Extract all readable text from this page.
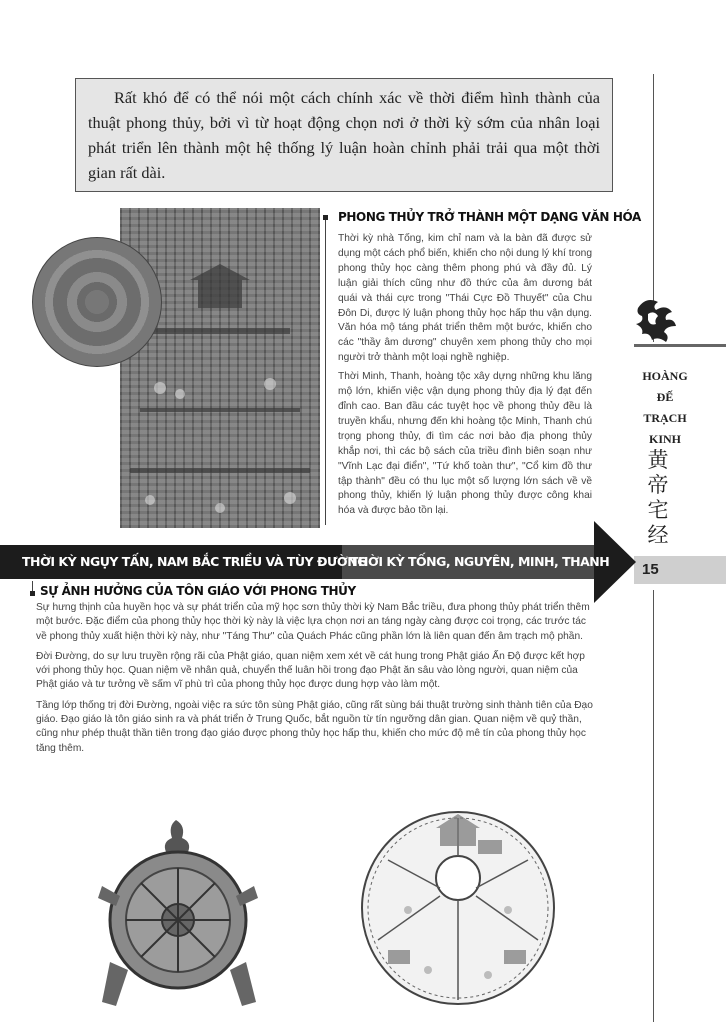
Rất khó để có thể nói một cách chính xác về thời điểm hình thành của thuật phong thủy, bởi vì từ hoạt động chọn nơi ở thời kỳ sớm của nhân loại phát triển lên thành một hệ thống lý luận hoàn chỉnh phải trải qua một thời gian rất dài.
HOÀNG
ĐẾ
TRẠCH
KINH
黄
帝
宅
经
15
PHONG THỦY TRỞ THÀNH MỘT DẠNG VĂN HÓA

Thời kỳ nhà Tống, kim chỉ nam và la bàn đã được sử dụng một cách phổ biến, khiến cho nội dung lý khí trong phong thủy học càng thêm phong phú và đầy đủ. Lý luận giải thích cũng như đồ thức của âm dương bát quái và thái cực trong "Thái Cực Đồ Thuyết" của Chu Đôn Di, được lý luận phong thủy học hấp thu vận dụng. Văn hóa mộ táng phát triển thêm một bước, khiến cho các "thầy âm dương" chuyên xem phong thủy cho mọi người trở thành một loại nghề nghiệp.

Thời Minh, Thanh, hoàng tộc xây dựng những khu lăng mộ lớn, khiến việc vận dụng phong thủy địa lý đạt đến đỉnh cao. Ban đầu các tuyệt học về phong thủy đều là truyền khẩu, nhưng đến khi hoàng tộc Minh, Thanh chú trọng phong thủy, đi tìm các nơi bảo địa phong thủy khắp nơi, thì các bộ sách của triều đình biên soạn như "Vĩnh Lạc đại điển", "Tứ khố toàn thư", "Cổ kim đồ thư tập thành" đều có thu lục một số lượng lớn sách về về phong thủy, khiến lý luận phong thủy được công khai hóa và được bảo tồn lại.

THỜI KỲ NGỤY TẤN, NAM BẮC TRIỀU VÀ TÙY ĐƯỜNG
THỜI KỲ TỐNG, NGUYÊN, MINH, THANH
SỰ ẢNH HƯỞNG CỦA TÔN GIÁO VỚI PHONG THỦY

Sự hưng thịnh của huyền học và sự phát triển của mỹ học sơn thủy thời kỳ Nam Bắc triều, đưa phong thủy phát triển thêm một bước. Đặc điểm của phong thủy học thời kỳ này là việc lựa chọn nơi an táng ngày càng được coi trọng, các trước tác về phong thủy xuất hiện thời kỳ này, như "Táng Thư" của Quách Phác cũng phần lớn là liên quan đến âm trạch mộ phần.

Đời Đường, do sự lưu truyền rộng rãi của Phật giáo, quan niệm xem xét về cát hung trong Phật giáo Ấn Độ được kết hợp với phong thủy học. Quan niệm về nhân quả, chuyển thế luân hồi trong đạo Phật ăn sâu vào lòng người, quan niệm của Phật giáo và tư tưởng về sấm vĩ phù trì của phong thủy học được dung hợp vào làm một.

Tầng lớp thống trị đời Đường, ngoài việc ra sức tôn sùng Phật giáo, cũng rất sùng bái thuật trường sinh thành tiên của Đạo giáo. Đạo giáo là tôn giáo sinh ra và phát triển ở Trung Quốc, bắt nguồn từ tín ngưỡng dân gian. Quan niệm về quỷ thần, cũng như phép thuật thần tiên trong đạo giáo được phong thủy học hấp thu, khiến cho mức độ mê tín của phong thủy học tăng thêm.
